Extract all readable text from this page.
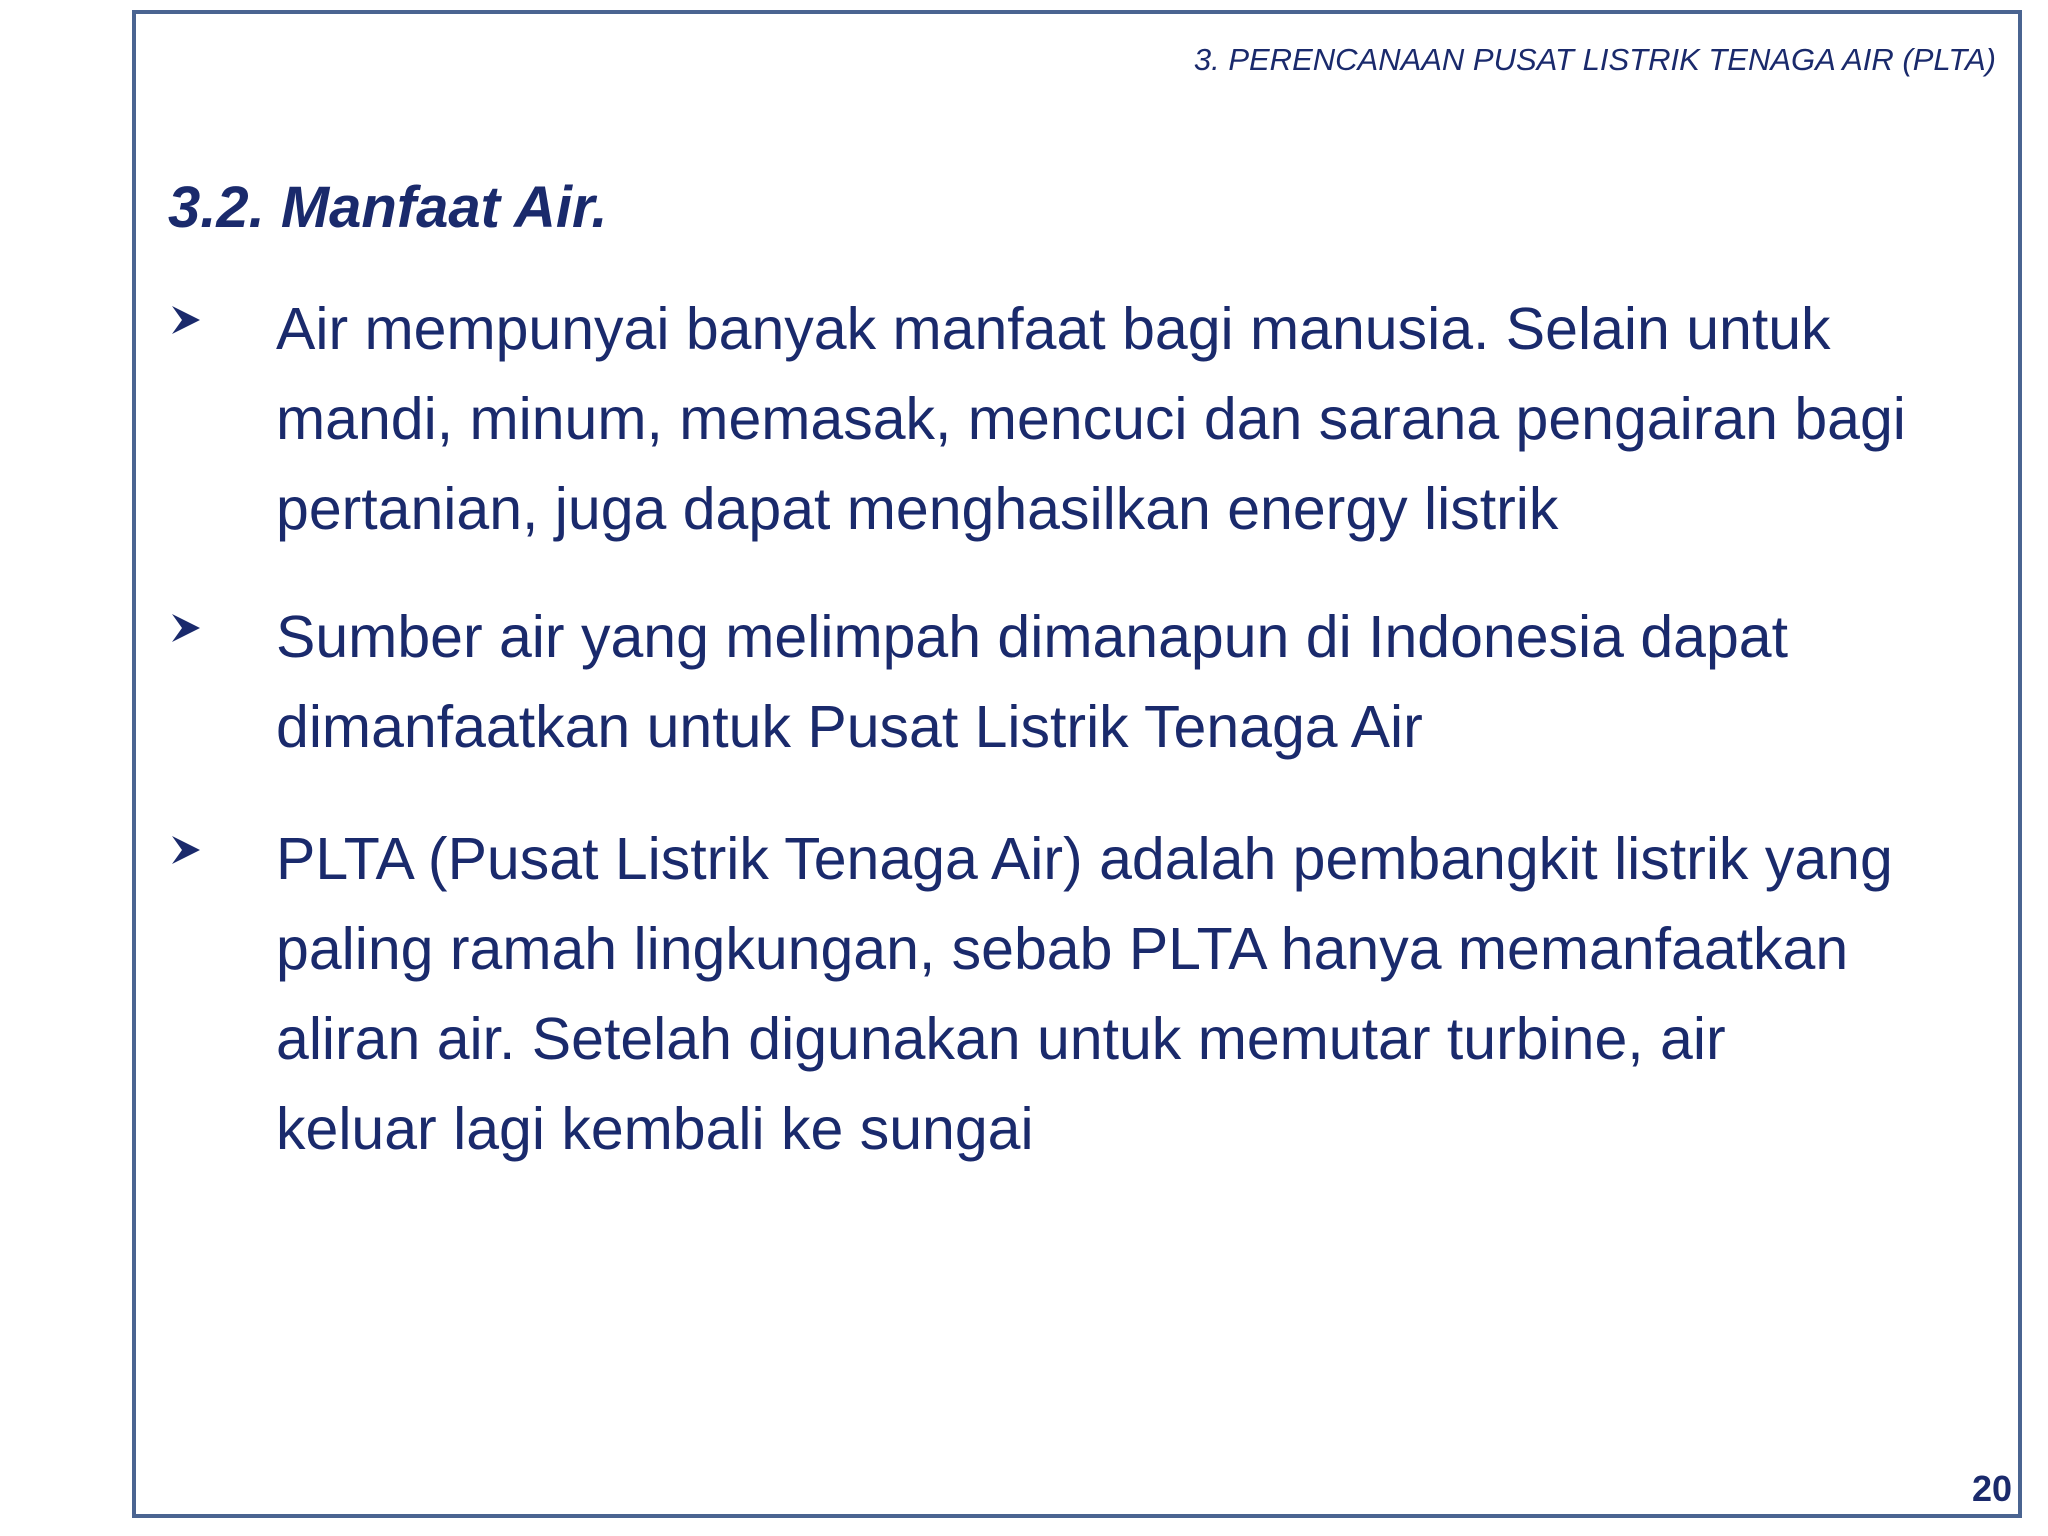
3. PERENCANAAN PUSAT LISTRIK TENAGA AIR (PLTA)
3.2. Manfaat Air.
Air mempunyai banyak manfaat bagi manusia. Selain untuk
mandi, minum, memasak, mencuci dan sarana pengairan bagi
pertanian, juga dapat menghasilkan energy listrik
Sumber air yang melimpah dimanapun di Indonesia dapat
dimanfaatkan untuk Pusat Listrik Tenaga Air
PLTA (Pusat Listrik Tenaga Air) adalah pembangkit listrik yang
paling ramah lingkungan, sebab PLTA hanya memanfaatkan
aliran air. Setelah digunakan untuk memutar turbine, air
keluar lagi kembali ke sungai
20
